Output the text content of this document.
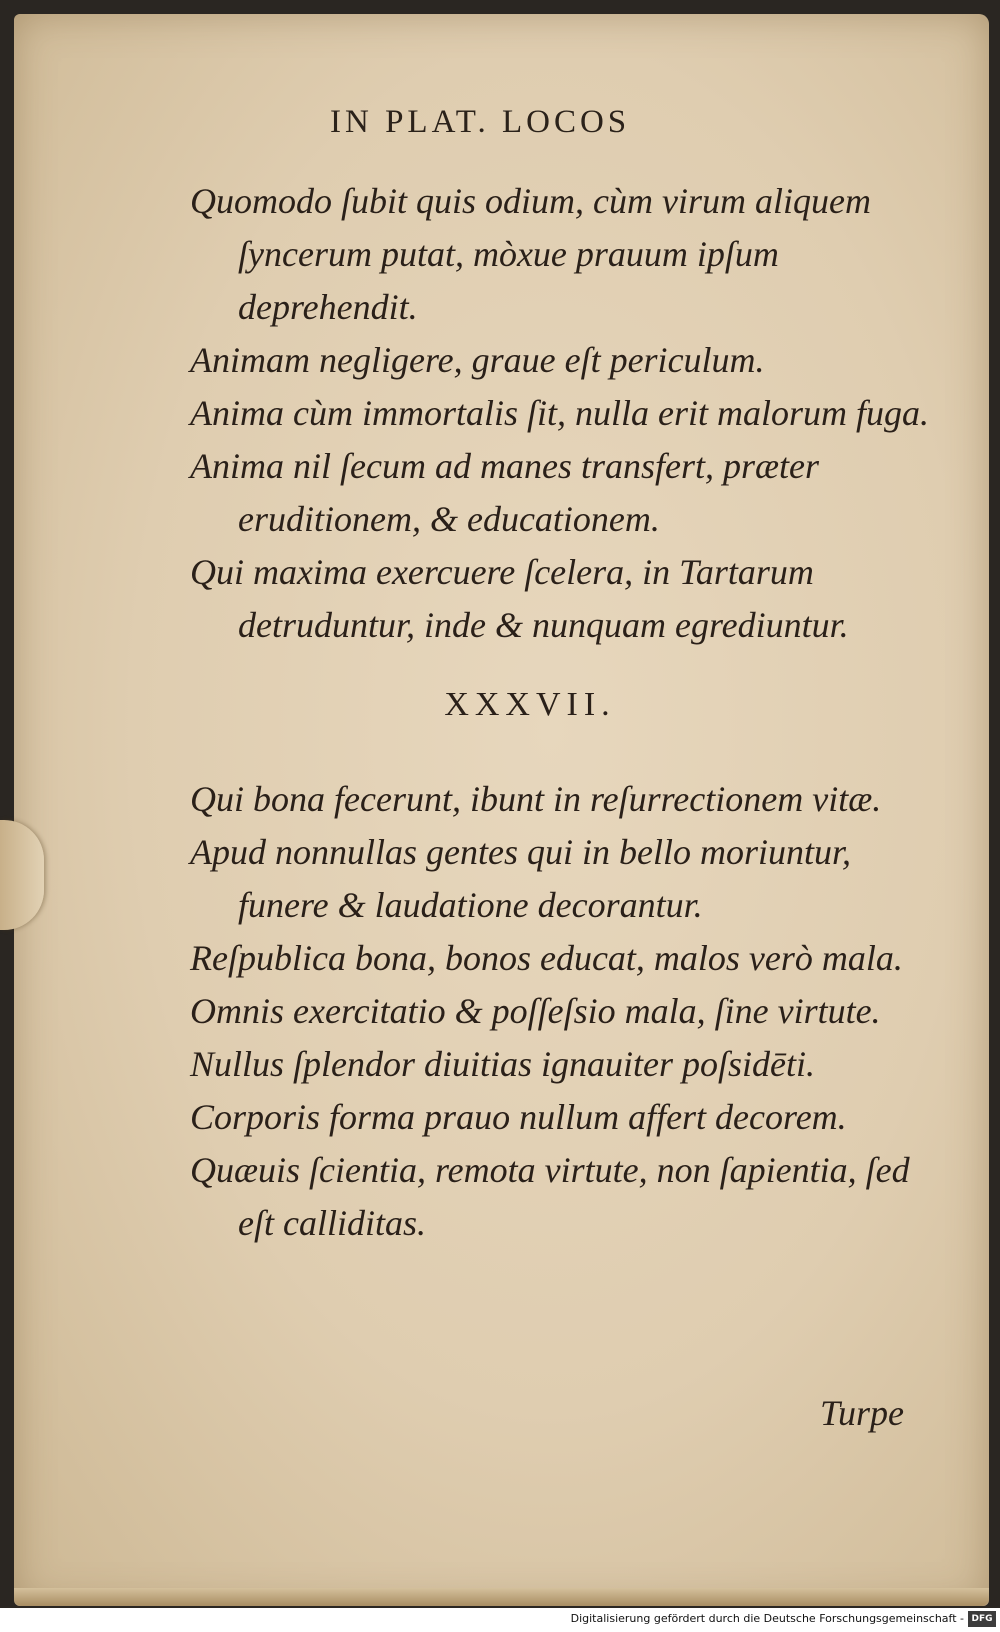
IN PLAT. LOCOS

Quomodo ſubit quis odium, cùm virum aliquem ſyncerum putat, mòxue prauum ipſum deprehendit.

Animam negligere, graue eſt periculum.

Anima cùm immortalis ſit, nulla erit malorum fuga.

Anima nil ſecum ad manes transfert, præter eruditionem, & educationem.

Qui maxima exercuere ſcelera, in Tartarum detruduntur, inde & nunquam egrediuntur.

XXXVII.

Qui bona fecerunt, ibunt in reſurrectionem vitæ.

Apud nonnullas gentes qui in bello moriuntur, funere & laudatione decorantur.

Reſpublica bona, bonos educat, malos verò mala.

Omnis exercitatio & poſſeſsio mala, ſine virtute.

Nullus ſplendor diuitias ignauiter poſsidēti.

Corporis forma prauo nullum affert decorem.

Quæuis ſcientia, remota virtute, non ſapientia, ſed eſt calliditas.

Turpe
Digitalisierung gefördert durch die Deutsche Forschungsgemeinschaft - DFG
